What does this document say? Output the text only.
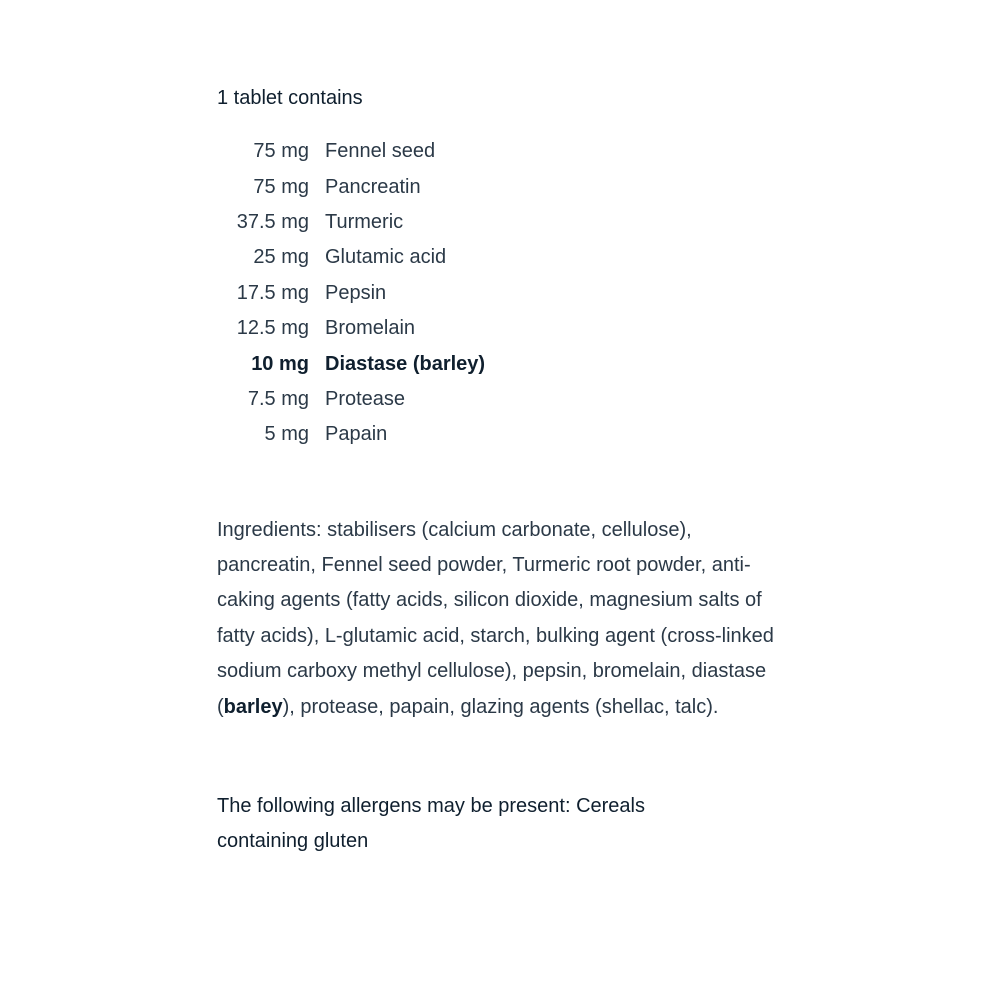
1 tablet contains

75 mg	Fennel seed
75 mg	Pancreatin
37.5 mg	Turmeric
25 mg	Glutamic acid
17.5 mg	Pepsin
12.5 mg	Bromelain
10 mg	Diastase (barley)
7.5 mg	Protease
5 mg	Papain
Ingredients: stabilisers (calcium carbonate, cellulose), pancreatin, Fennel seed powder, Turmeric root powder, anti-caking agents (fatty acids, silicon dioxide, magnesium salts of fatty acids), L-glutamic acid, starch, bulking agent (cross-linked sodium carboxy methyl cellulose), pepsin, bromelain, diastase (barley), protease, papain, glazing agents (shellac, talc).
The following allergens may be present: Cereals containing gluten
